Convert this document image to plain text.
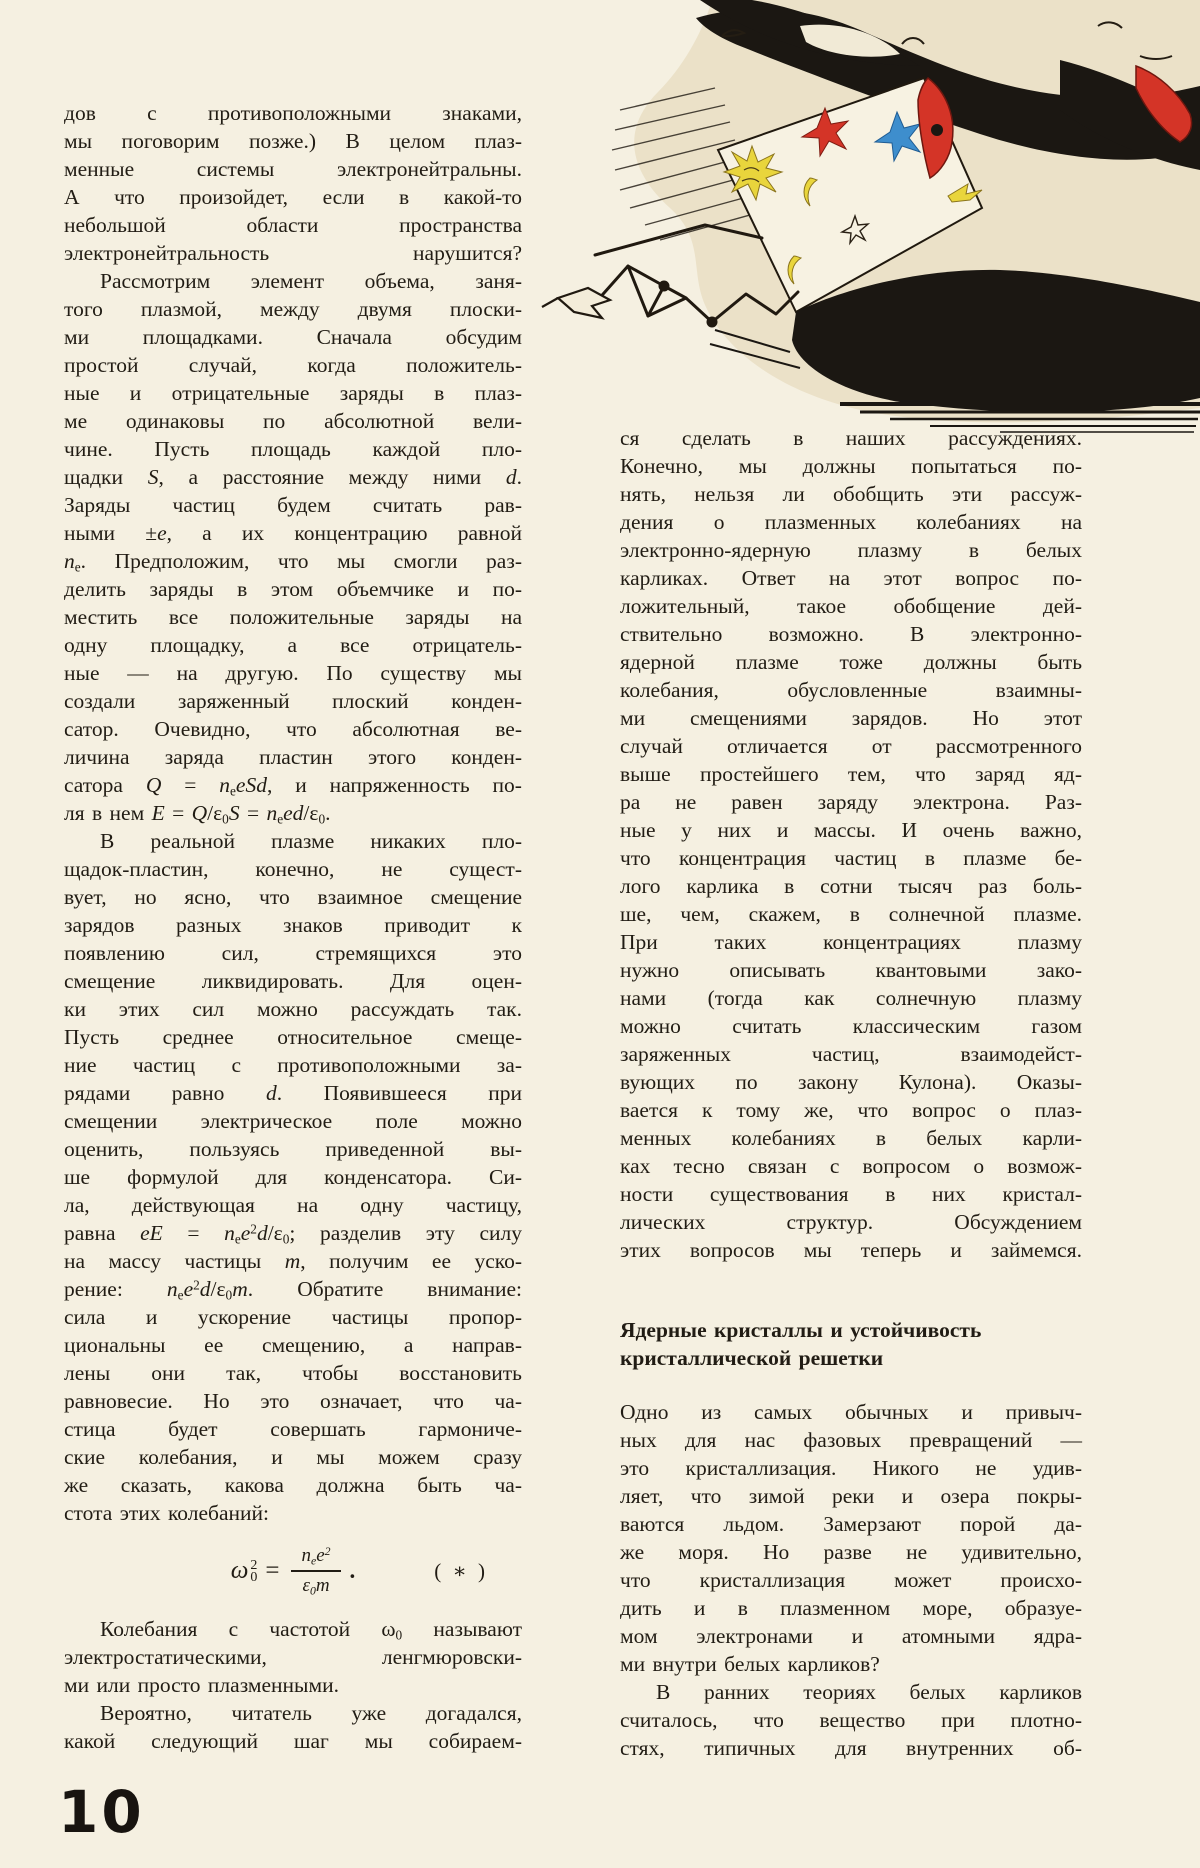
дов с противоположными знаками,
мы поговорим позже.) В целом плаз-
менные системы электронейтральны.
А что произойдет, если в какой-то
небольшой области пространства
электронейтральность нарушится?
Рассмотрим элемент объема, заня-
того плазмой, между двумя плоски-
ми площадками. Сначала обсудим
простой случай, когда положитель-
ные и отрицательные заряды в плаз-
ме одинаковы по абсолютной вели-
чине. Пусть площадь каждой пло-
щадки S, а расстояние между ними d.
Заряды частиц будем считать рав-
ными ±e, а их концентрацию равной
$n_e$. Предположим, что мы смогли раз-
делить заряды в этом объемчике и по-
местить все положительные заряды на
одну площадку, а все отрицатель-
ные — на другую. По существу мы
создали заряженный плоский конден-
сатор. Очевидно, что абсолютная ве-
личина заряда пластин этого конден-
сатора $Q = n_eeSd$, и напряженность по-
ля в нем $E = Q/\varepsilon_0S = n_eed/\varepsilon_0$.
В реальной плазме никаких пло-
щадок-пластин, конечно, не сущест-
вует, но ясно, что взаимное смещение
зарядов разных знаков приводит к
появлению сил, стремящихся это
смещение ликвидировать. Для оцен-
ки этих сил можно рассуждать так.
Пусть среднее относительное смеще-
ние частиц с противоположными за-
рядами равно d. Появившееся при
смещении электрическое поле можно
оценить, пользуясь приведенной вы-
ше формулой для конденсатора. Си-
ла, действующая на одну частицу,
равна eE = $n_ee^2d/\varepsilon_0$; разделив эту силу
на массу частицы m, получим ее уско-
рение: $n_ee^2d/\varepsilon_0m$. Обратите внимание:
сила и ускорение частицы пропор-
циональны ее смещению, а направ-
лены они так, чтобы восстановить
равновесие. Но это означает, что ча-
стица будет совершать гармониче-
ские колебания, и мы можем сразу
же сказать, какова должна быть ча-
стота этих колебаний:
ω 2
$0 = \frac{n_ee^2}{\varepsilon_0m}$ .	( ∗ )
Колебания с частотой $\omega_0$ называют
электростатическими, ленгмюровски-
ми или просто плазменными.
Вероятно, читатель уже догадался,
какой следующий шаг мы собираем-
ся сделать в наших рассуждениях.
Конечно, мы должны попытаться по-
нять, нельзя ли обобщить эти рассуж-
дения о плазменных колебаниях на
электронно-ядерную плазму в белых
карликах. Ответ на этот вопрос по-
ложительный, такое обобщение дей-
ствительно возможно. В электронно-
ядерной плазме тоже должны быть
колебания, обусловленные взаимны-
ми смещениями зарядов. Но этот
случай отличается от рассмотренного
выше простейшего тем, что заряд яд-
ра не равен заряду электрона. Раз-
ные у них и массы. И очень важно,
что концентрация частиц в плазме бе-
лого карлика в сотни тысяч раз боль-
ше, чем, скажем, в солнечной плазме.
При таких концентрациях плазму
нужно описывать квантовыми зако-
нами (тогда как солнечную плазму
можно считать классическим газом
заряженных частиц, взаимодейст-
вующих по закону Кулона). Оказы-
вается к тому же, что вопрос о плаз-
менных колебаниях в белых карли-
ках тесно связан с вопросом о возмож-
ности существования в них кристал-
лических структур. Обсуждением
этих вопросов мы теперь и займемся.
Ядерные кристаллы и устойчивость
кристаллической решетки
Одно из самых обычных и привыч-
ных для нас фазовых превращений —
это кристаллизация. Никого не удив-
ляет, что зимой реки и озера покры-
ваются льдом. Замерзают порой да-
же моря. Но разве не удивительно,
что кристаллизация может происхо-
дить и в плазменном море, образуе-
мом электронами и атомными ядра-
ми внутри белых карликов?
В ранних теориях белых карликов
считалось, что вещество при плотно-
стях, типичных для внутренних об-
10
